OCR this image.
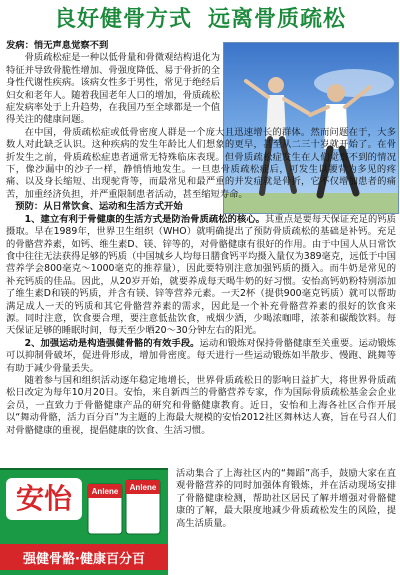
良好健骨方式 远离骨质疏松

发病：悄无声息觉察不到

骨质疏松症是一种以低骨量和骨微观结构退化为特征并导致骨脆性增加、骨强度降低、易于骨折的全身性代谢性疾病。该病女性多于男性，常见于绝经后妇女和老年人。随着我国老年人口的增加，骨质疏松症发病率处于上升趋势，在我国乃至全球都是一个值得关注的健康问题。

在中国，骨质疏松症或低骨密度人群是一个庞大且迅速增长的群体。然而问题在于，大多数人对此缺乏认识。这种疾病的发生年龄比人们想象的更早，甚至从二三十岁就开始了。在骨折发生之前，骨质疏松症患者通常无特殊临床表现。但骨质疏松症发生在人们觉察不到的情况下，像沙漏中的沙子一样，静悄悄地发生。一旦患骨质疏松症后，可发生以腰背为多见的疼痛、以及身长缩短、出现驼背等，而最常见和最严重的并发症就是骨折，它不仅增加患者的痛苦，加重经济负担，并严重限制患者活动，甚至缩短寿命。

预防：从日常饮食、运动和生活方式开始

1、建立有利于骨健康的生活方式是防治骨质疏松的核心。其重点是要每天保证充足的钙质摄取。早在1989年，世界卫生组织（WHO）就明确提出了预防骨质疏松的基础是补钙。充足的骨骼营养素，如钙、维生素D、镁、锌等的，对骨骼健康有很好的作用。由于中国人从日常饮食中往往无法获得足够的钙质（中国城乡人均每日膳食钙平均摄入量仅为389毫克，远低于中国营养学会800毫克～1000毫克的推荐量），因此要特别注意加强钙质的摄入。而牛奶是常见的补充钙质的佳品。因此，从20岁开始，就要养成每天喝牛奶的好习惯。安怡高钙奶粉特别添加了维生素D和镁的钙质，并含有镁、锌等营养元素。一天2杯（提供900毫克钙质）就可以帮助满足成人一天的钙质和其它骨骼营养素的需求，因此是一个补充骨骼营养素的很好的饮食来源。同时注意，饮食要合理，要注意低盐饮食，戒烟少酒，少喝浓咖啡，浓茶和碳酸饮料。每天保证足够的睡眠时间，每天至少晒20～30分钟左右的阳光。

2、加强运动是构造强健骨骼的有效手段。运动和锻炼对保持骨骼健康至关重要。运动锻炼可以抑制骨破坏，促进骨形成，增加骨密度。每天进行一些运动锻炼如半散步、慢跑、跳舞等有助于减少骨量丢失。

随着参与国和组织活动逐年稳定地增长，世界骨质疏松日的影响日益扩大，将世界骨质疏松日改定为每年10月20日。安怡，来自新西兰的骨骼营养专家，作为国际骨质疏松基金会企业会员，一直致力于骨骼健康产品的研究和骨骼健康教育。近日，安怡和上海各社区合作开展以“舞动骨骼，活力百分百”为主题的上海最大规模的安怡2012社区舞林达人赛，旨在号召人们对骨骼健康的重视，提倡健康的饮食、生活习惯。

活动集合了上海社区内的“舞蹈”高手，鼓励大家在直观骨骼营养的同时加强体育锻炼，并在活动现场安排了骨骼健康检测，帮助社区居民了解并增强对骨骼健康的了解，最大限度地减少骨质疏松发生的风险，提高生活质量。
安怡	Anlene Anlene
强健骨骼·健康百分百
